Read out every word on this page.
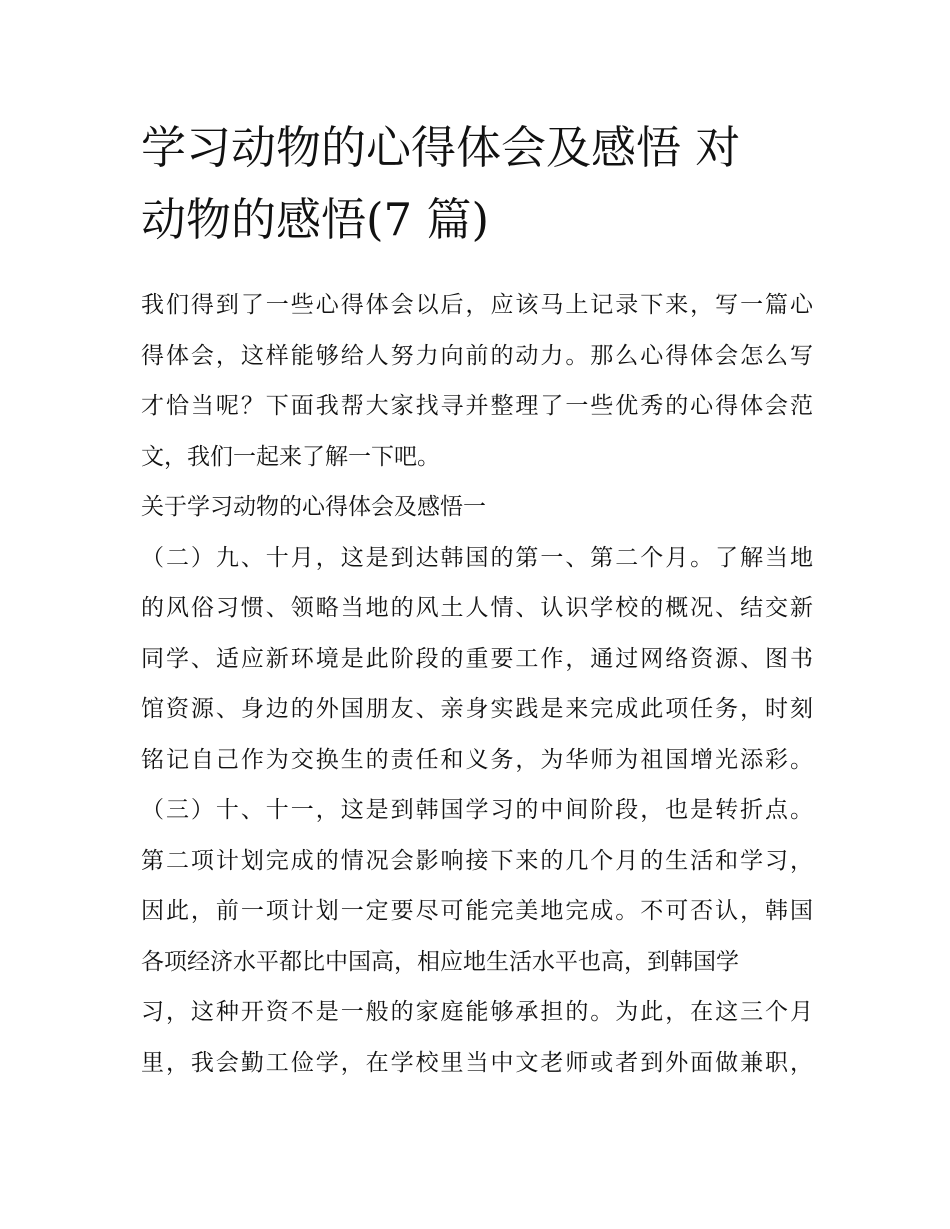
学习动物的心得体会及感悟 对
动物的感悟(7 篇)
我们得到了一些心得体会以后，应该马上记录下来，写一篇心
得体会，这样能够给人努力向前的动力。那么心得体会怎么写
才恰当呢？下面我帮大家找寻并整理了一些优秀的心得体会范
文，我们一起来了解一下吧。
关于学习动物的心得体会及感悟一
（二）九、十月，这是到达韩国的第一、第二个月。了解当地
的风俗习惯、领略当地的风土人情、认识学校的概况、结交新
同学、适应新环境是此阶段的重要工作，通过网络资源、图书
馆资源、身边的外国朋友、亲身实践是来完成此项任务，时刻
铭记自己作为交换生的责任和义务，为华师为祖国增光添彩。
（三）十、十一，这是到韩国学习的中间阶段，也是转折点。
第二项计划完成的情况会影响接下来的几个月的生活和学习，
因此，前一项计划一定要尽可能完美地完成。不可否认，韩国
各项经济水平都比中国高，相应地生活水平也高，到韩国学
习，这种开资不是一般的家庭能够承担的。为此，在这三个月
里，我会勤工俭学，在学校里当中文老师或者到外面做兼职，
